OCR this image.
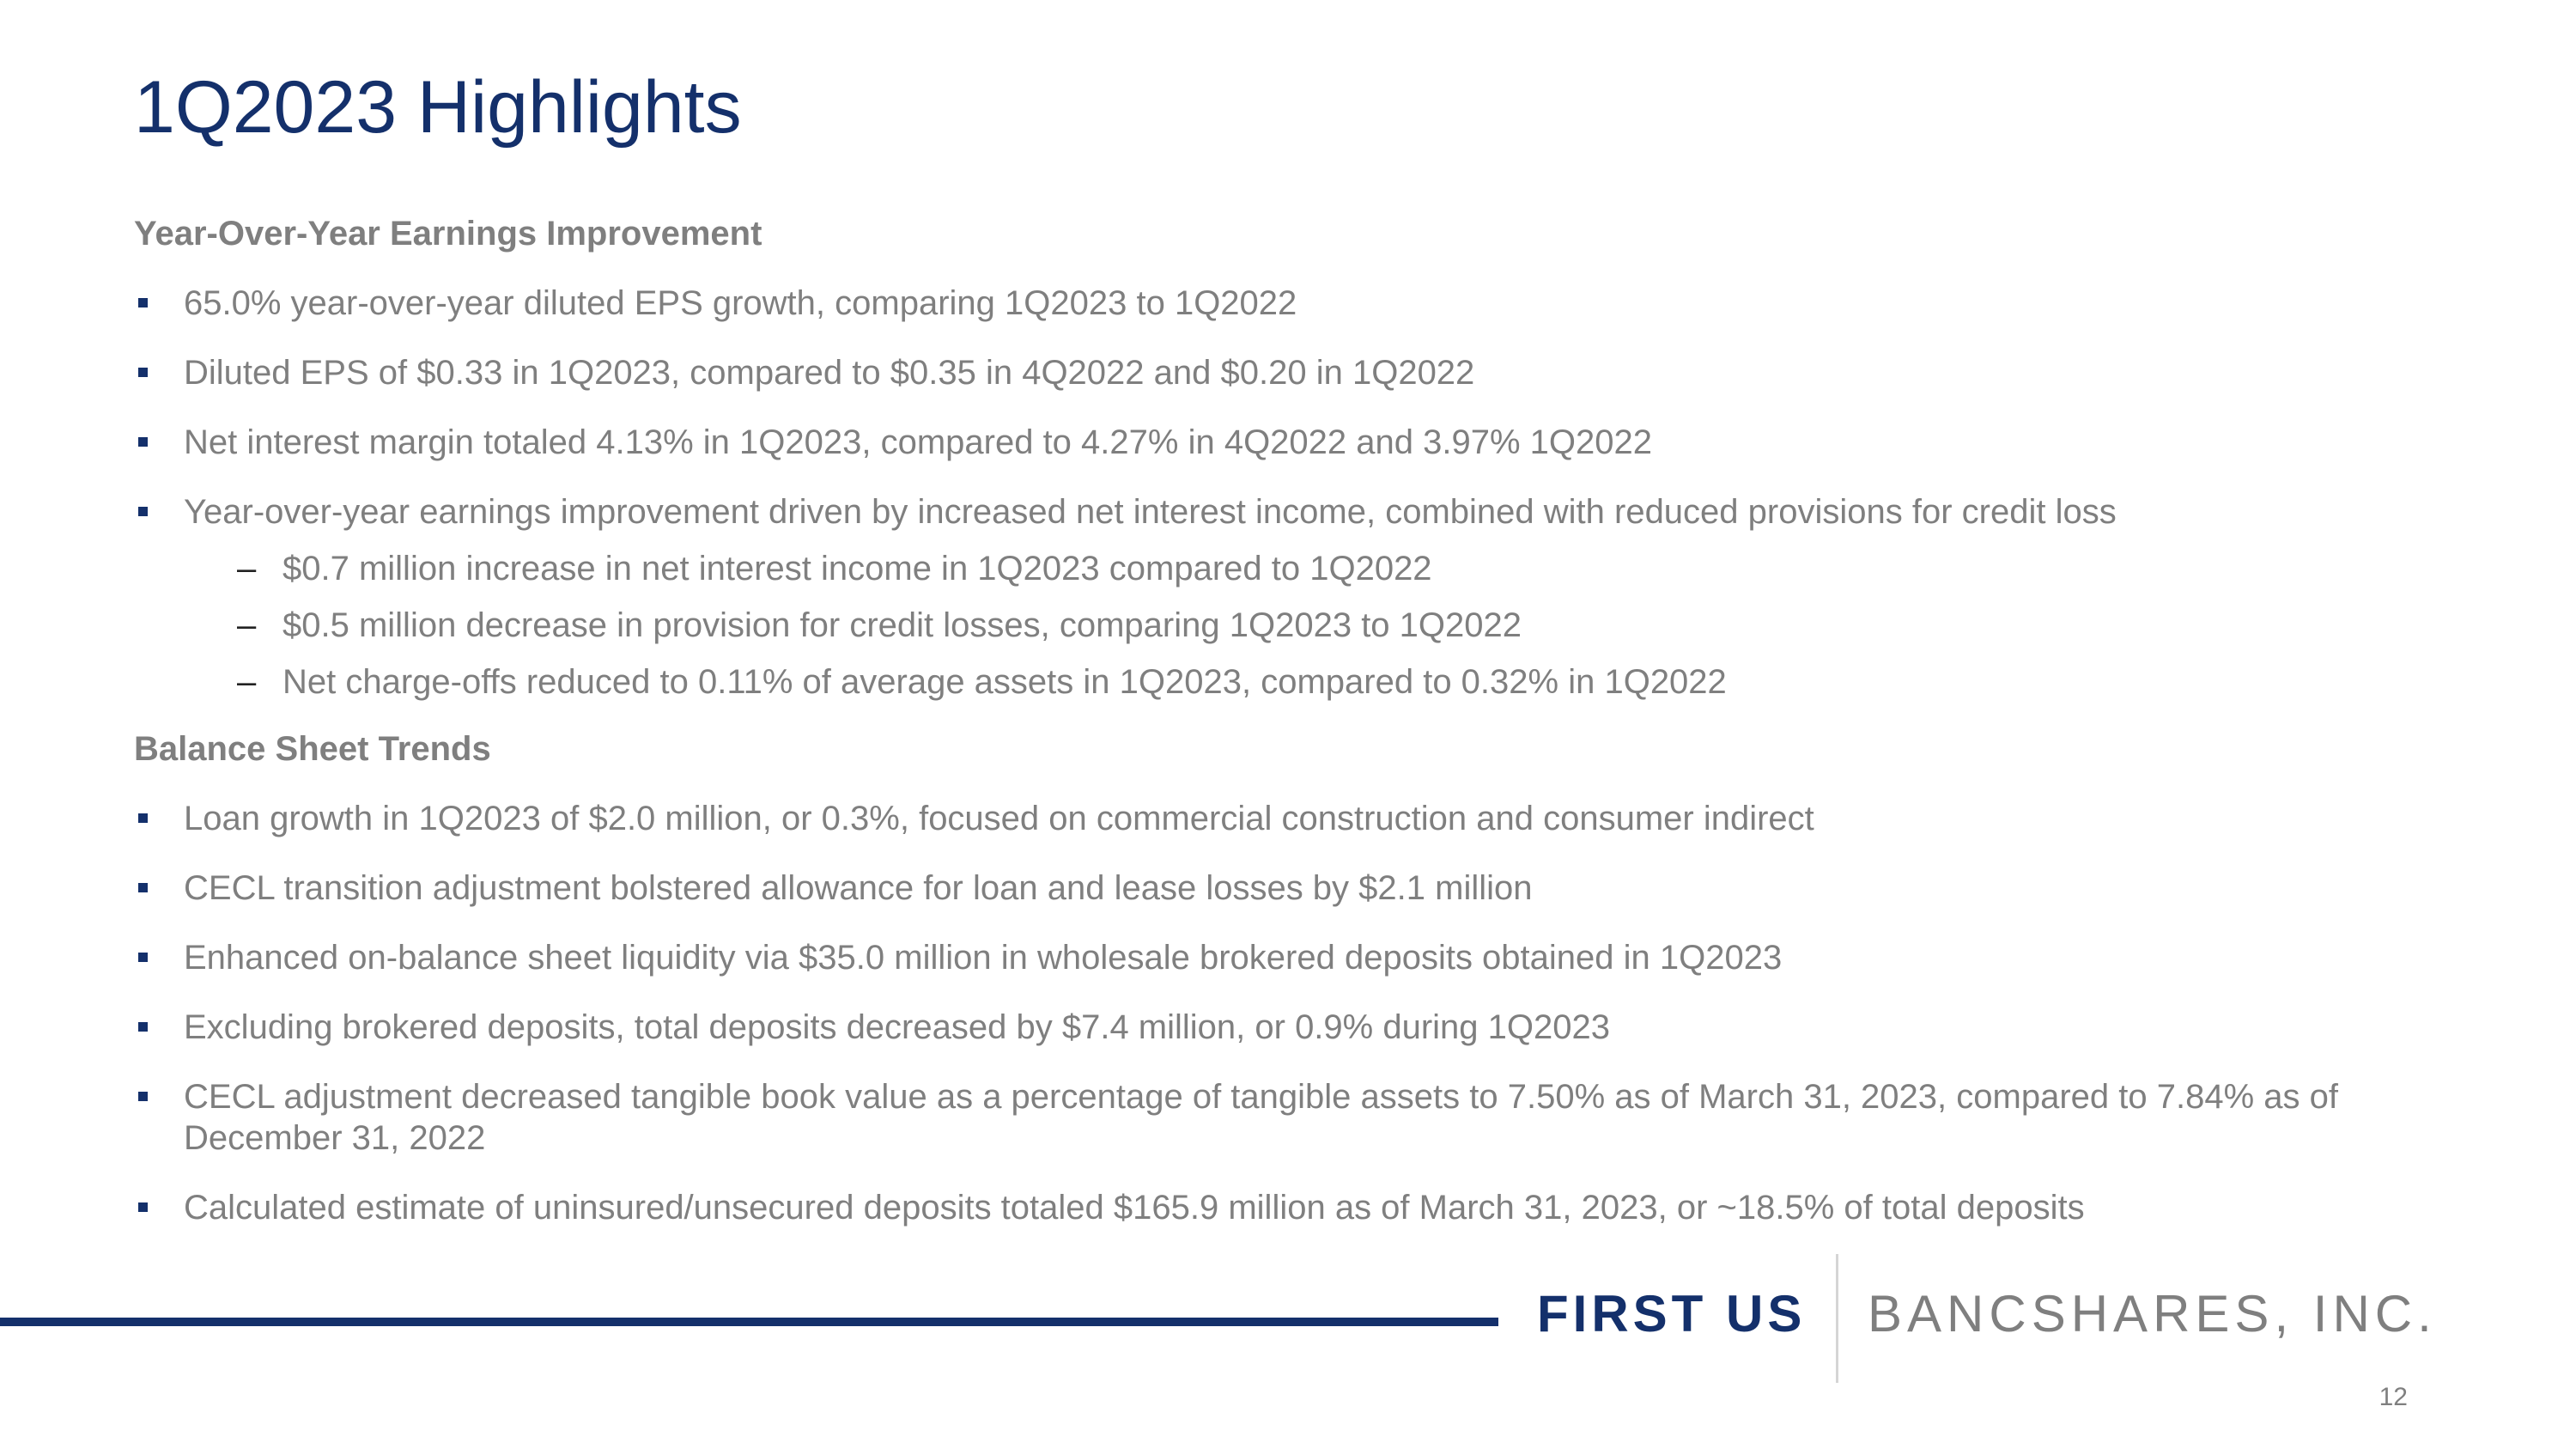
1Q2023 Highlights
Year-Over-Year Earnings Improvement
65.0% year-over-year diluted EPS growth, comparing 1Q2023 to 1Q2022
Diluted EPS of $0.33 in 1Q2023, compared to $0.35 in 4Q2022 and $0.20 in 1Q2022
Net interest margin totaled 4.13% in 1Q2023, compared to 4.27% in 4Q2022 and 3.97% 1Q2022
Year-over-year earnings improvement driven by increased net interest income, combined with reduced provisions for credit loss
– $0.7 million increase in net interest income in 1Q2023 compared to 1Q2022
– $0.5 million decrease in provision for credit losses, comparing 1Q2023 to 1Q2022
– Net charge-offs reduced to 0.11% of average assets in 1Q2023, compared to 0.32% in 1Q2022
Balance Sheet Trends
Loan growth in 1Q2023 of $2.0 million, or 0.3%, focused on commercial construction and consumer indirect
CECL transition adjustment bolstered allowance for loan and lease losses by $2.1 million
Enhanced on-balance sheet liquidity via $35.0 million in wholesale brokered deposits obtained in 1Q2023
Excluding brokered deposits, total deposits decreased by $7.4 million, or 0.9% during 1Q2023
CECL adjustment decreased tangible book value as a percentage of tangible assets to 7.50% as of March 31, 2023, compared to 7.84% as of December 31, 2022
Calculated estimate of uninsured/unsecured deposits totaled $165.9 million as of March 31, 2023, or ~18.5% of total deposits
FIRST US BANCSHARES, INC.
12
